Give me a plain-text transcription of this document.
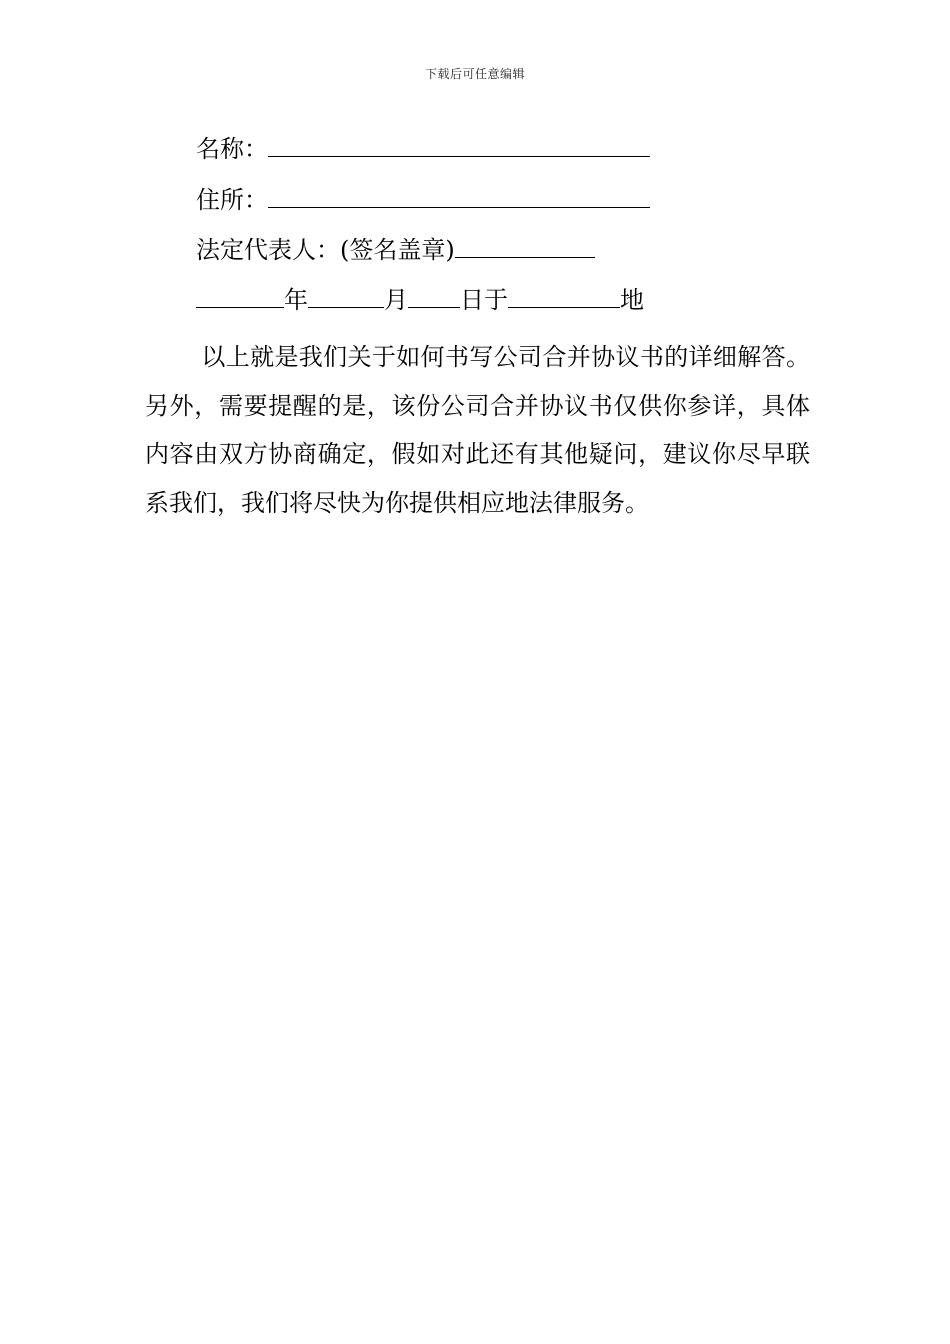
下载后可任意编辑
名称：
住所：
法定代表人：(签名盖章)
年	月 日于	地
以上就是我们关于如何书写公司合并协议书的详细解答。另外，需要提醒的是，该份公司合并协议书仅供你参详，具体内容由双方协商确定，假如对此还有其他疑问，建议你尽早联系我们，我们将尽快为你提供相应地法律服务。
